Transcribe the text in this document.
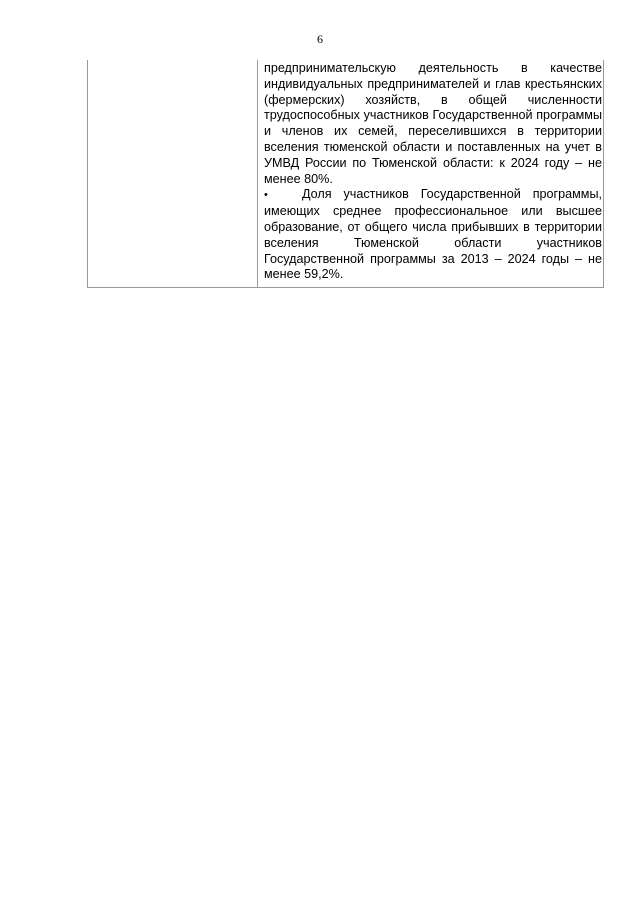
6

предпринимательскую деятельность в качестве индивидуальных предпринимателей и глав крестьянских (фермерских) хозяйств, в общей численности трудоспособных участников Государственной программы и членов их семей, переселившихся в территории вселения тюменской области и поставленных на учет в УМВД России по Тюменской области: к 2024 году – не менее 80%.

•	Доля участников Государственной программы, имеющих среднее профессиональное или высшее образование, от общего числа прибывших в территории вселения Тюменской области участников Государственной программы за 2013 – 2024 годы – не менее 59,2%.
